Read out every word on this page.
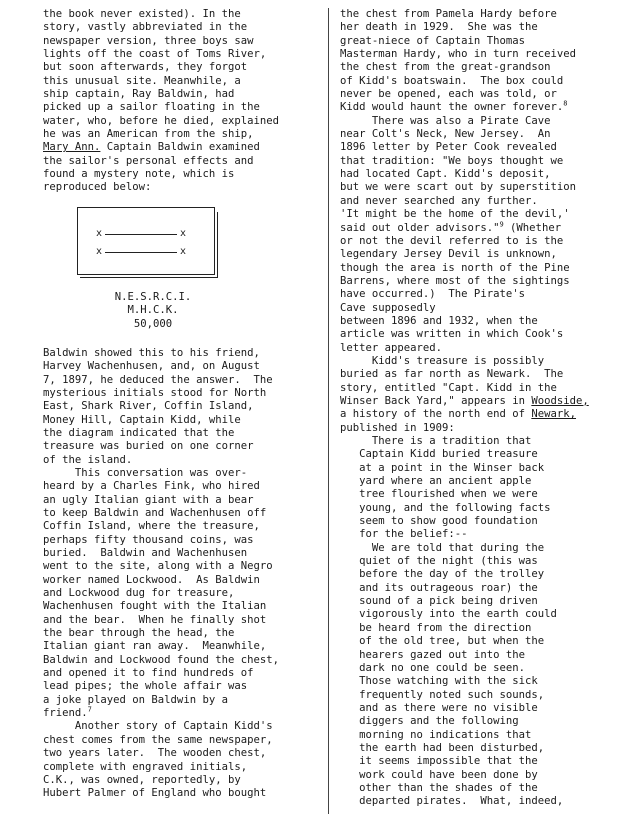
the book never existed). In the

story, vastly abbreviated in the

newspaper version, three boys saw

lights off the coast of Toms River,

but soon afterwards, they forgot

this unusual site. Meanwhile, a

ship captain, Ray Baldwin, had

picked up a sailor floating in the

water, who, before he died, explained

he was an American from the ship,

Mary Ann. Captain Baldwin examined

the sailor's personal effects and

found a mystery note, which is

reproduced below:

x	x
x	x

N.E.S.R.C.I.

M.H.C.K.

50,000

Baldwin showed this to his friend,

Harvey Wachenhusen, and, on August

7, 1897, he deduced the answer.  The

mysterious initials stood for North

East, Shark River, Coffin Island,

Money Hill, Captain Kidd, while

the diagram indicated that the

treasure was buried on one corner

of the island.

This conversation was over-

heard by a Charles Fink, who hired

an ugly Italian giant with a bear

to keep Baldwin and Wachenhusen off

Coffin Island, where the treasure,

perhaps fifty thousand coins, was

buried.  Baldwin and Wachenhusen

went to the site, along with a Negro

worker named Lockwood.  As Baldwin

and Lockwood dug for treasure,

Wachenhusen fought with the Italian

and the bear.  When he finally shot

the bear through the head, the

Italian giant ran away.  Meanwhile,

Baldwin and Lockwood found the chest,

and opened it to find hundreds of

lead pipes; the whole affair was

a joke played on Baldwin by a

friend.$^7$

Another story of Captain Kidd's

chest comes from the same newspaper,

two years later.  The wooden chest,

complete with engraved initials,

C.K., was owned, reportedly, by

Hubert Palmer of England who bought

the chest from Pamela Hardy before

her death in 1929.  She was the

great-niece of Captain Thomas

Masterman Hardy, who in turn received

the chest from the great-grandson

of Kidd's boatswain.  The box could

never be opened, each was told, or

Kidd would haunt the owner forever.$^8$

There was also a Pirate Cave

near Colt's Neck, New Jersey.  An

1896 letter by Peter Cook revealed

that tradition: "We boys thought we

had located Capt. Kidd's deposit,

but we were scart out by superstition

and never searched any further.

'It might be the home of the devil,'

said out older advisors."$^9$ (Whether

or not the devil referred to is the

legendary Jersey Devil is unknown,

though the area is north of the Pine

Barrens, where most of the sightings

have occurred.)  The Pirate's

Cave supposedly

between 1896 and 1932, when the

article was written in which Cook's

letter appeared.

Kidd's treasure is possibly

buried as far north as Newark.  The

story, entitled "Capt. Kidd in the

Winser Back Yard," appears in Woodside,

a history of the north end of Newark,

published in 1909:

There is a tradition that

Captain Kidd buried treasure

at a point in the Winser back

yard where an ancient apple

tree flourished when we were

young, and the following facts

seem to show good foundation

for the belief:--

We are told that during the

quiet of the night (this was

before the day of the trolley

and its outrageous roar) the

sound of a pick being driven

vigorously into the earth could

be heard from the direction

of the old tree, but when the

hearers gazed out into the

dark no one could be seen.

Those watching with the sick

frequently noted such sounds,

and as there were no visible

diggers and the following

morning no indications that

the earth had been disturbed,

it seems impossible that the

work could have been done by

other than the shades of the

departed pirates.  What, indeed,
